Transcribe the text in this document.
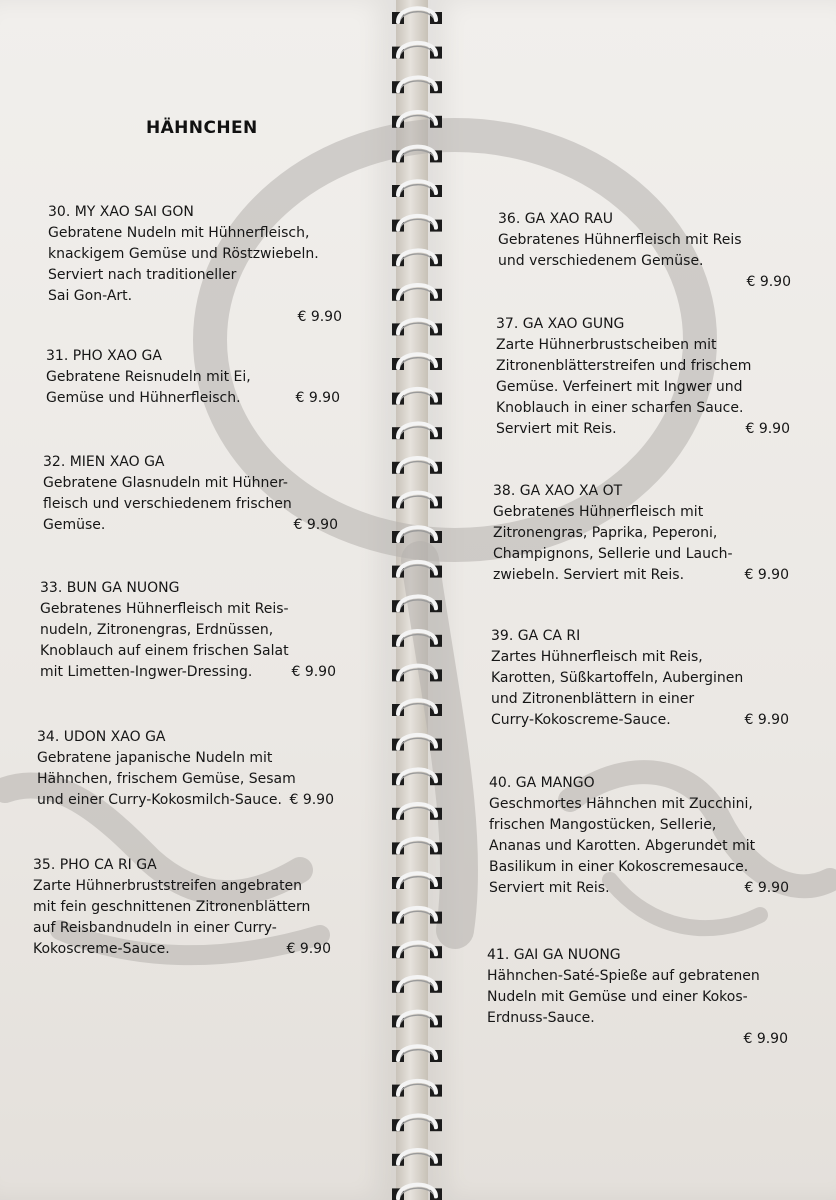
HÄHNCHEN
30. MY XAO SAI GON
Gebratene Nudeln mit Hühnerfleisch,
knackigem Gemüse und Röstzwiebeln.
Serviert nach traditioneller
Sai Gon-Art.
€ 9.90
31. PHO XAO GA
Gebratene Reisnudeln mit Ei,
Gemüse und Hühnerfleisch.	€ 9.90
32. MIEN XAO GA
Gebratene Glasnudeln mit Hühner-
fleisch und verschiedenem frischen
Gemüse.	€ 9.90
33. BUN GA NUONG
Gebratenes Hühnerfleisch mit Reis-
nudeln, Zitronengras, Erdnüssen,
Knoblauch auf einem frischen Salat
mit Limetten-Ingwer-Dressing.	€ 9.90
34. UDON XAO GA
Gebratene japanische Nudeln mit
Hähnchen, frischem Gemüse, Sesam
und einer Curry-Kokosmilch-Sauce. € 9.90
35. PHO CA RI GA
Zarte Hühnerbruststreifen angebraten
mit fein geschnittenen Zitronenblättern
auf Reisbandnudeln in einer Curry-
Kokoscreme-Sauce.	€ 9.90
36. GA XAO RAU
Gebratenes Hühnerfleisch mit Reis
und verschiedenem Gemüse.
€ 9.90
37. GA XAO GUNG
Zarte Hühnerbrustscheiben mit
Zitronenblätterstreifen und frischem
Gemüse. Verfeinert mit Ingwer und
Knoblauch in einer scharfen Sauce.
Serviert mit Reis.	€ 9.90
38. GA XAO XA OT
Gebratenes Hühnerfleisch mit
Zitronengras, Paprika, Peperoni,
Champignons, Sellerie und Lauch-
zwiebeln. Serviert mit Reis.	€ 9.90
39. GA CA RI
Zartes Hühnerfleisch mit Reis,
Karotten, Süßkartoffeln, Auberginen
und Zitronenblättern in einer
Curry-Kokoscreme-Sauce.	€ 9.90
40. GA MANGO
Geschmortes Hähnchen mit Zucchini,
frischen Mangostücken, Sellerie,
Ananas und Karotten. Abgerundet mit
Basilikum in einer Kokoscremesauce.
Serviert mit Reis.	€ 9.90
41. GAI GA NUONG
Hähnchen-Saté-Spieße auf gebratenen
Nudeln mit Gemüse und einer Kokos-
Erdnuss-Sauce.
€ 9.90
